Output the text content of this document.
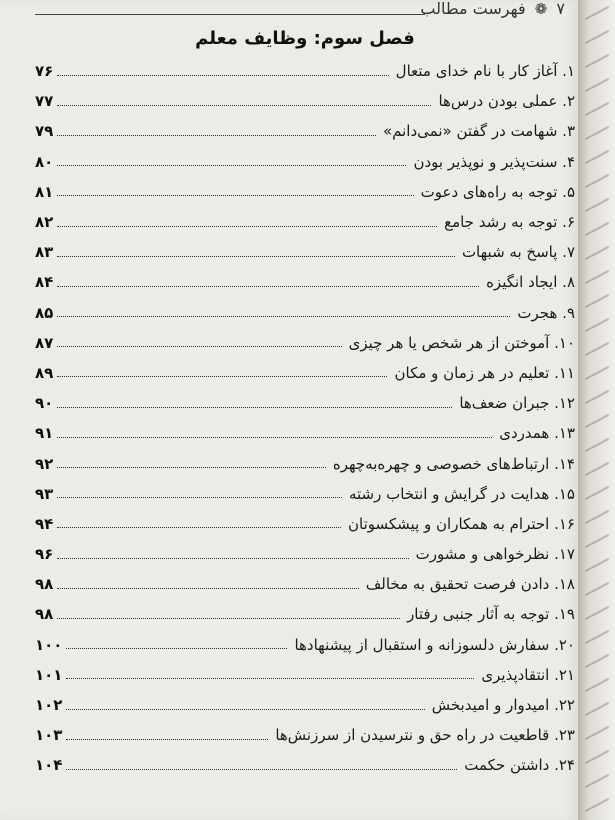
۷ ❁ فهرست مطالب
فصل سوم: وظایف معلم
۱. آغاز کار با نام خدای متعال
۷۶
۲. عملی بودن درس‌ها
۷۷
۳. شهامت در گفتن «نمی‌دانم»
۷۹
۴. سنت‌پذیر و نوپذیر بودن
۸۰
۵. توجه به راه‌های دعوت
۸۱
۶. توجه به رشد جامع
۸۲
۷. پاسخ به شبهات
۸۳
۸. ایجاد انگیزه
۸۴
۹. هجرت
۸۵
۱۰. آموختن از هر شخص یا هر چیزی
۸۷
۱۱. تعلیم در هر زمان و مکان
۸۹
۱۲. جبران ضعف‌ها
۹۰
۱۳. همدردی
۹۱
۱۴. ارتباط‌های خصوصی و چهره‌به‌چهره
۹۲
۱۵. هدایت در گرایش و انتخاب رشته
۹۳
۱۶. احترام به همکاران و پیشکسوتان
۹۴
۱۷. نظرخواهی و مشورت
۹۶
۱۸. دادن فرصت تحقیق به مخالف
۹۸
۱۹. توجه به آثار جنبی رفتار
۹۸
۲۰. سفارش دلسوزانه و استقبال از پیشنهادها
۱۰۰
۲۱. انتقادپذیری
۱۰۱
۲۲. امیدوار و امیدبخش
۱۰۲
۲۳. قاطعیت در راه حق و نترسیدن از سرزنش‌ها
۱۰۳
۲۴. داشتن حکمت
۱۰۴
